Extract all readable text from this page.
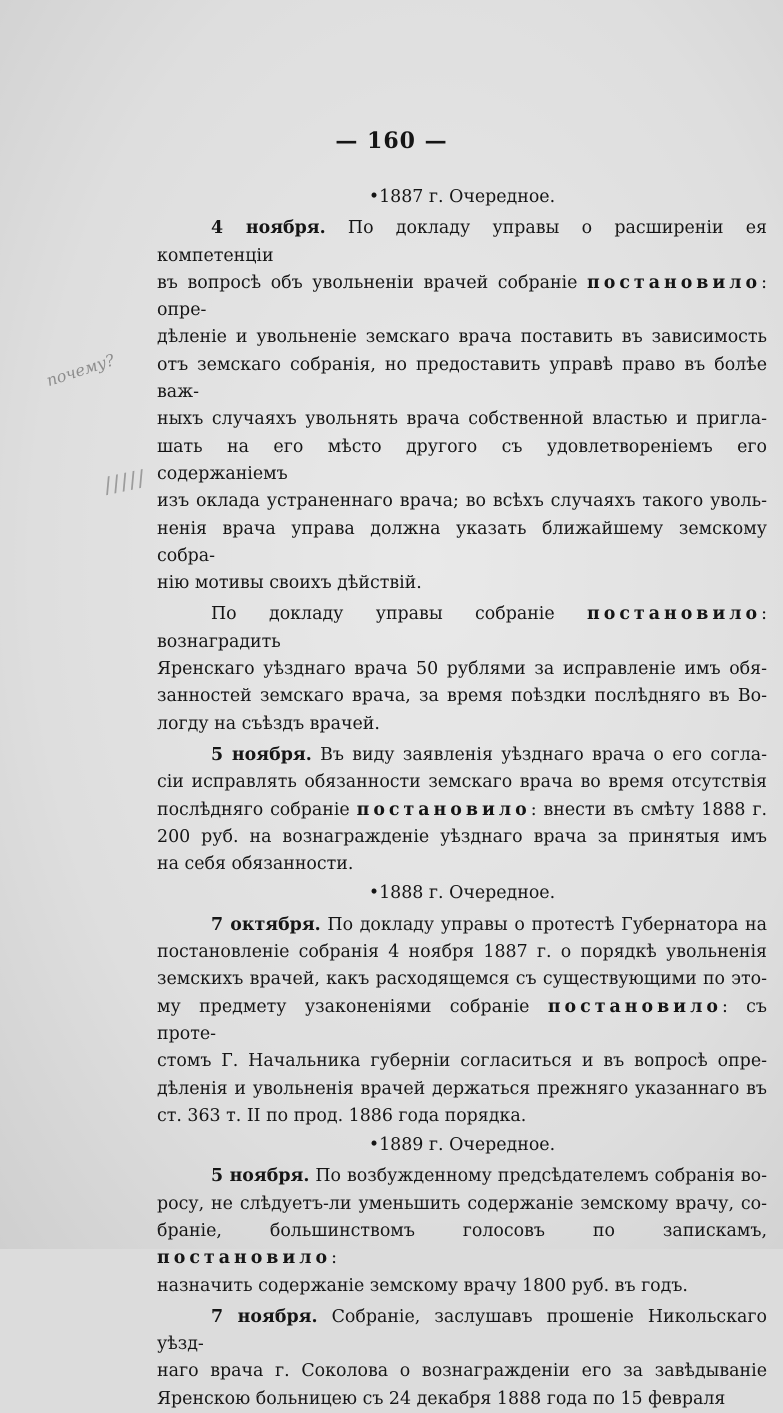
— 160 —
почему?
/////

•1887 г. Очередное.

4 ноября. По докладу управы о расширеніи ея компетенціи

въ вопросѣ объ увольненіи врачей собраніе постановило: опре-

дѣленіе и увольненіе земскаго врача поставить въ зависимость

отъ земскаго собранія, но предоставить управѣ право въ болѣе важ-

ныхъ случаяхъ увольнять врача собственной властью и пригла-

шать на его мѣсто другого съ удовлетвореніемъ его содержаніемъ

изъ оклада устраненнаго врача; во всѣхъ случаяхъ такого уволь-

ненія врача управа должна указать ближайшему земскому собра-

нію мотивы своихъ дѣйствій.

По докладу управы собраніе постановило: вознаградить

Яренскаго уѣзднаго врача 50 рублями за исправленіе имъ обя-

занностей земскаго врача, за время поѣздки послѣдняго въ Во-

логду на съѣздъ врачей.

5 ноября. Въ виду заявленія уѣзднаго врача о его согла-

сіи исправлять обязанности земскаго врача во время отсутствія

послѣдняго собраніе постановило: внести въ смѣту 1888 г.

200 руб. на вознагражденіе уѣзднаго врача за принятыя имъ

на себя обязанности.

•1888 г. Очередное.

7 октября. По докладу управы о протестѣ Губернатора на

постановленіе собранія 4 ноября 1887 г. о порядкѣ увольненія

земскихъ врачей, какъ расходящемся съ существующими по это-

му предмету узаконеніями собраніе постановило: съ проте-

стомъ Г. Начальника губерніи согласиться и въ вопросѣ опре-

дѣленія и увольненія врачей держаться прежняго указаннаго въ

ст. 363 т. II по прод. 1886 года порядка.

•1889 г. Очередное.

5 ноября. По возбужденному предсѣдателемъ собранія во-

росу, не слѣдуетъ-ли уменьшить содержаніе земскому врачу, со-

браніе, большинствомъ голосовъ по запискамъ, постановило:

назначить содержаніе земскому врачу 1800 руб. въ годъ.

7 ноября. Собраніе, заслушавъ прошеніе Никольскаго уѣзд-

наго врача г. Соколова о вознагражденіи его за завѣдываніе

Яренскою больницею съ 24 декабря 1888 года по 15 февраля
